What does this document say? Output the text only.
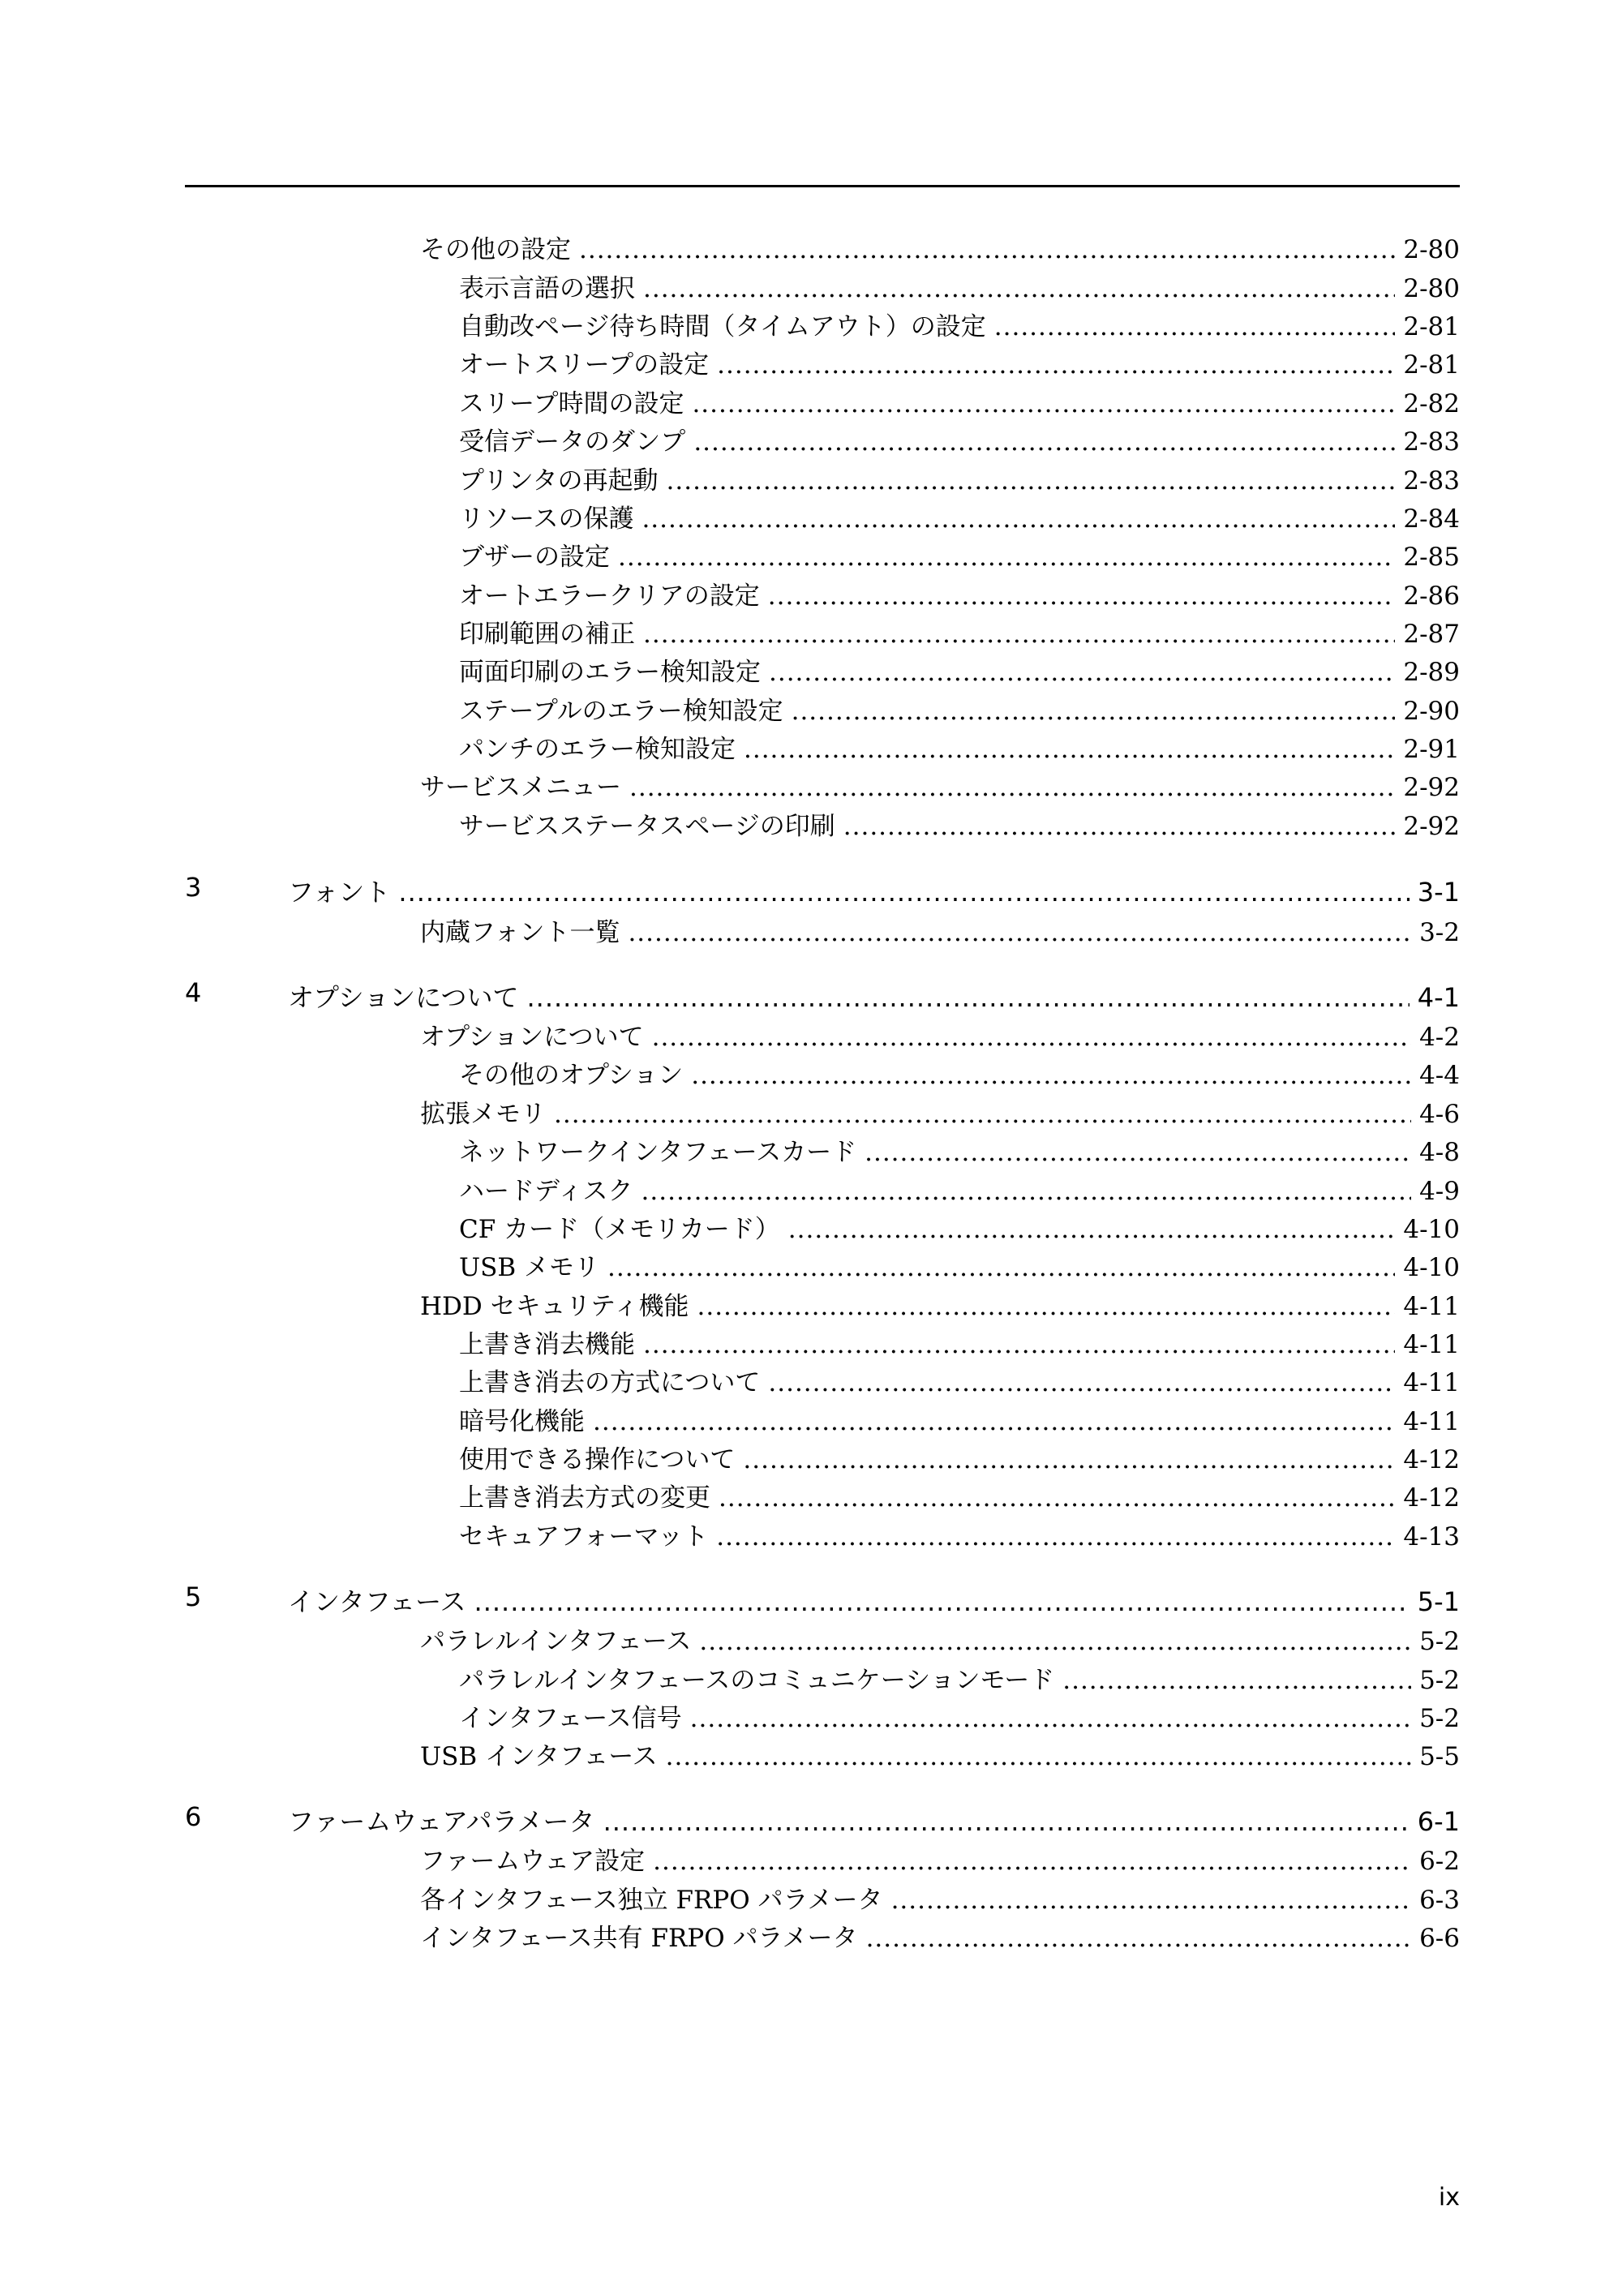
その他の設定 .....	2-80
表示言語の選択 .....	2-80
自動改ページ待ち時間（タイムアウト）の設定 .....	2-81
オートスリープの設定 .....	2-81
スリープ時間の設定 .....	2-82
受信データのダンプ .....	2-83
プリンタの再起動 .....	2-83
リソースの保護 .....	2-84
ブザーの設定 .....	2-85
オートエラークリアの設定 .....	2-86
印刷範囲の補正 .....	2-87
両面印刷のエラー検知設定 .....	2-89
ステープルのエラー検知設定 .....	2-90
パンチのエラー検知設定 .....	2-91
サービスメニュー .....	2-92
サービスステータスページの印刷 .....	2-92
3	フォント .....	3-1
内蔵フォント一覧 .....	3-2
4	オプションについて .....	4-1
オプションについて .....	4-2
その他のオプション .....	4-4
拡張メモリ .....	4-6
ネットワークインタフェースカード .....	4-8
ハードディスク .....	4-9
CF カード（メモリカード） .....	4-10
USB メモリ .....	4-10
HDD セキュリティ機能 .....	4-11
上書き消去機能 .....	4-11
上書き消去の方式について .....	4-11
暗号化機能 .....	4-11
使用できる操作について .....	4-12
上書き消去方式の変更 .....	4-12
セキュアフォーマット .....	4-13
5	インタフェース .....	5-1
パラレルインタフェース .....	5-2
パラレルインタフェースのコミュニケーションモード .....	5-2
インタフェース信号 .....	5-2
USB インタフェース .....	5-5
6	ファームウェアパラメータ .....	6-1
ファームウェア設定 .....	6-2
各インタフェース独立 FRPO パラメータ .....	6-3
インタフェース共有 FRPO パラメータ .....	6-6
ix
